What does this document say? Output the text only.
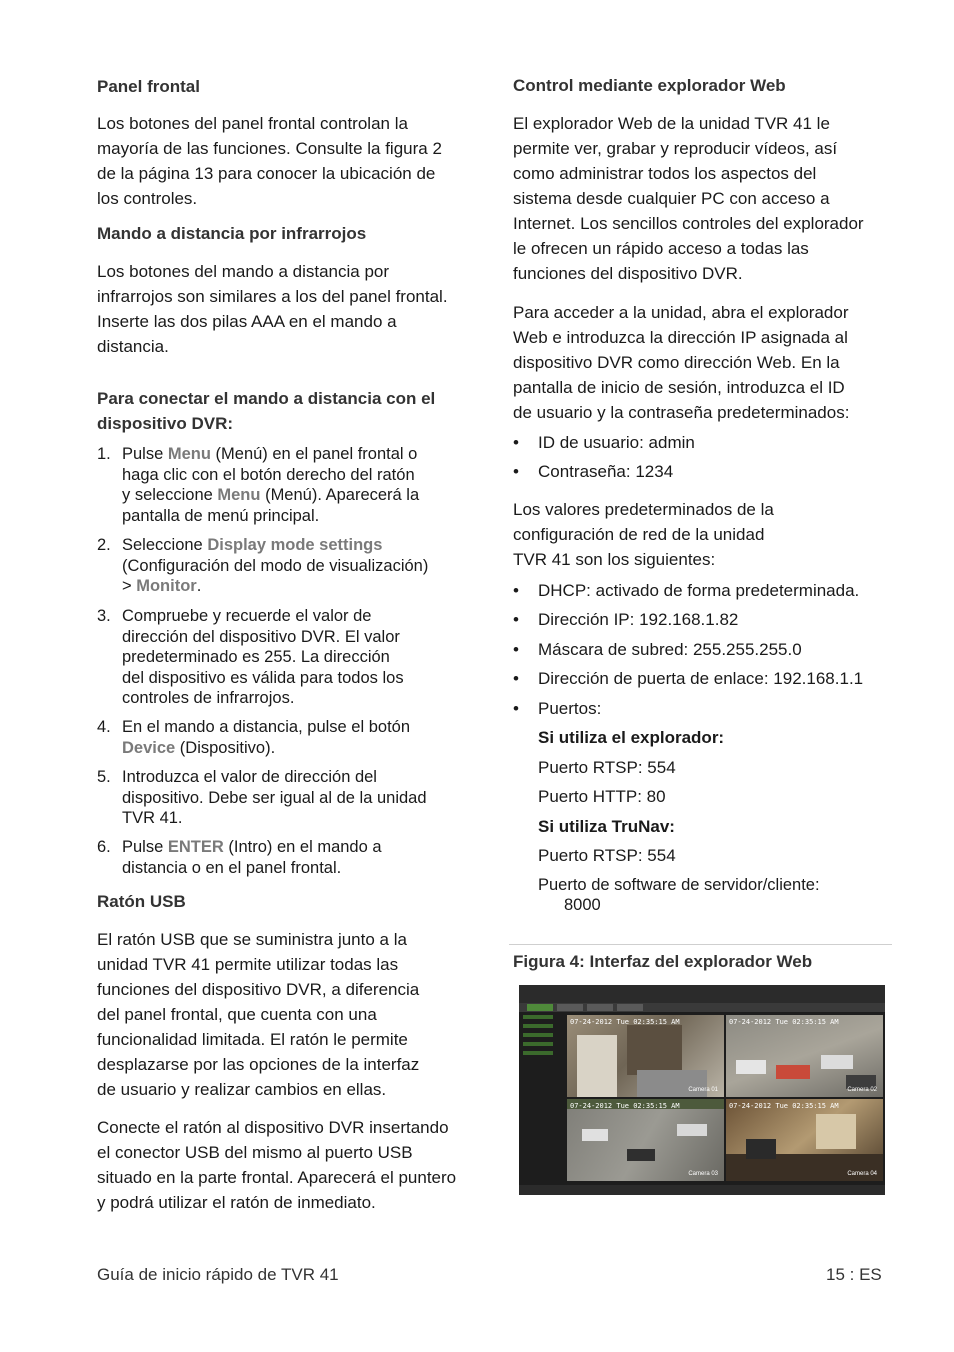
Panel frontal
Los botones del panel frontal controlan la
mayoría de las funciones. Consulte la figura 2
de la página 13 para conocer la ubicación de
los controles.
Mando a distancia por infrarrojos
Los botones del mando a distancia por
infrarrojos son similares a los del panel frontal.
Inserte las dos pilas AAA en el mando a
distancia.
Para conectar el mando a distancia con el
dispositivo DVR:
1. Pulse Menu (Menú) en el panel frontal o
haga clic con el botón derecho del ratón
y seleccione Menu (Menú). Aparecerá la
pantalla de menú principal.
2. Seleccione Display mode settings
(Configuración del modo de visualización)
> Monitor.
3. Compruebe y recuerde el valor de
dirección del dispositivo DVR. El valor
predeterminado es 255. La dirección
del dispositivo es válida para todos los
controles de infrarrojos.
4. En el mando a distancia, pulse el botón
Device (Dispositivo).
5. Introduzca el valor de dirección del
dispositivo. Debe ser igual al de la unidad
TVR 41.
6. Pulse ENTER (Intro) en el mando a
distancia o en el panel frontal.
Ratón USB
El ratón USB que se suministra junto a la
unidad TVR 41 permite utilizar todas las
funciones del dispositivo DVR, a diferencia
del panel frontal, que cuenta con una
funcionalidad limitada. El ratón le permite
desplazarse por las opciones de la interfaz
de usuario y realizar cambios en ellas.
Conecte el ratón al dispositivo DVR insertando
el conector USB del mismo al puerto USB
situado en la parte frontal. Aparecerá el puntero
y podrá utilizar el ratón de inmediato.
Control mediante explorador Web
El explorador Web de la unidad TVR 41 le
permite ver, grabar y reproducir vídeos, así
como administrar todos los aspectos del
sistema desde cualquier PC con acceso a
Internet. Los sencillos controles del explorador
le ofrecen un rápido acceso a todas las
funciones del dispositivo DVR.
Para acceder a la unidad, abra el explorador
Web e introduzca la dirección IP asignada al
dispositivo DVR como dirección Web. En la
pantalla de inicio de sesión, introduzca el ID
de usuario y la contraseña predeterminados:
• ID de usuario: admin
• Contraseña: 1234
Los valores predeterminados de la
configuración de red de la unidad
TVR 41 son los siguientes:
• DHCP: activado de forma predeterminada.
• Dirección IP: 192.168.1.82
• Máscara de subred: 255.255.255.0
• Dirección de puerta de enlace: 192.168.1.1
• Puertos:
Si utiliza el explorador:
Puerto RTSP: 554
Puerto HTTP: 80
Si utiliza TruNav:
Puerto RTSP: 554
Puerto de software de servidor/cliente:
8000
Figura 4: Interfaz del explorador Web
07-24-2012 Tue 02:35:15 AM
Camera 01
07-24-2012 Tue 02:35:15 AM
Camera 02
07-24-2012 Tue 02:35:15 AM
Camera 03
07-24-2012 Tue 02:35:15 AM
Camera 04
Guía de inicio rápido de TVR 41	15 : ES
